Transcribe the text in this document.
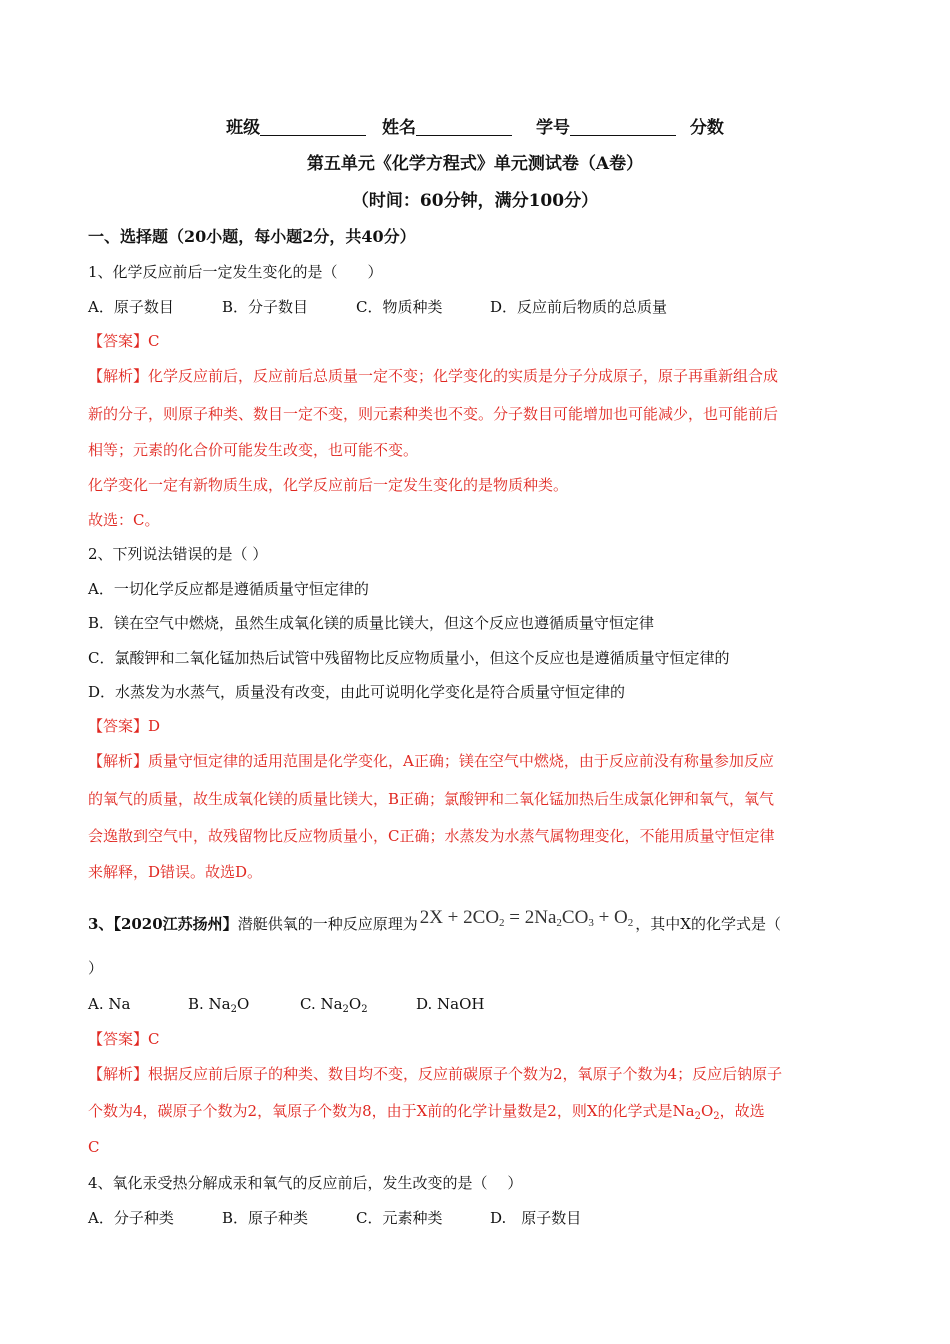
班级	姓名	学号	分数
第五单元《化学方程式》单元测试卷（A卷）
（时间：60分钟，满分100分）
一、选择题（20小题，每小题2分，共40分）
1、化学反应前后一定发生变化的是（　　）
A．原子数目	B．分子数目	C．物质种类	D．反应前后物质的总质量
【答案】C
【解析】化学反应前后，反应前后总质量一定不变；化学变化的实质是分子分成原子，原子再重新组合成
新的分子，则原子种类、数目一定不变，则元素种类也不变。分子数目可能增加也可能减少，也可能前后
相等；元素的化合价可能发生改变，也可能不变。
化学变化一定有新物质生成，化学反应前后一定发生变化的是物质种类。
故选：C。
2、下列说法错误的是（ ）
A．一切化学反应都是遵循质量守恒定律的
B．镁在空气中燃烧，虽然生成氧化镁的质量比镁大，但这个反应也遵循质量守恒定律
C．氯酸钾和二氧化锰加热后试管中残留物比反应物质量小，但这个反应也是遵循质量守恒定律的
D．水蒸发为水蒸气，质量没有改变，由此可说明化学变化是符合质量守恒定律的
【答案】D
【解析】质量守恒定律的适用范围是化学变化，A正确；镁在空气中燃烧，由于反应前没有称量参加反应
的氧气的质量，故生成氧化镁的质量比镁大，B正确；氯酸钾和二氧化锰加热后生成氯化钾和氧气，氧气
会逸散到空气中，故残留物比反应物质量小，C正确；水蒸发为水蒸气属物理变化，不能用质量守恒定律
来解释，D错误。故选D。
3、【2020江苏扬州】潜艇供氧的一种反应原理为 $2X + 2CO_2 = 2Na_2CO_3 + O_2$ ，其中X的化学式是（
）
A. Na	B. $Na_2O$	C. $Na_2O_2$	D. NaOH
【答案】C
【解析】根据反应前后原子的种类、数目均不变，反应前碳原子个数为2，氧原子个数为4；反应后钠原子
个数为4，碳原子个数为2，氧原子个数为8，由于X前的化学计量数是2，则X的化学式是$Na_2O_2$，故选
C
4、氧化汞受热分解成汞和氧气的反应前后，发生改变的是（　 ）
A．分子种类	B．原子种类	C．元素种类	D.　原子数目
